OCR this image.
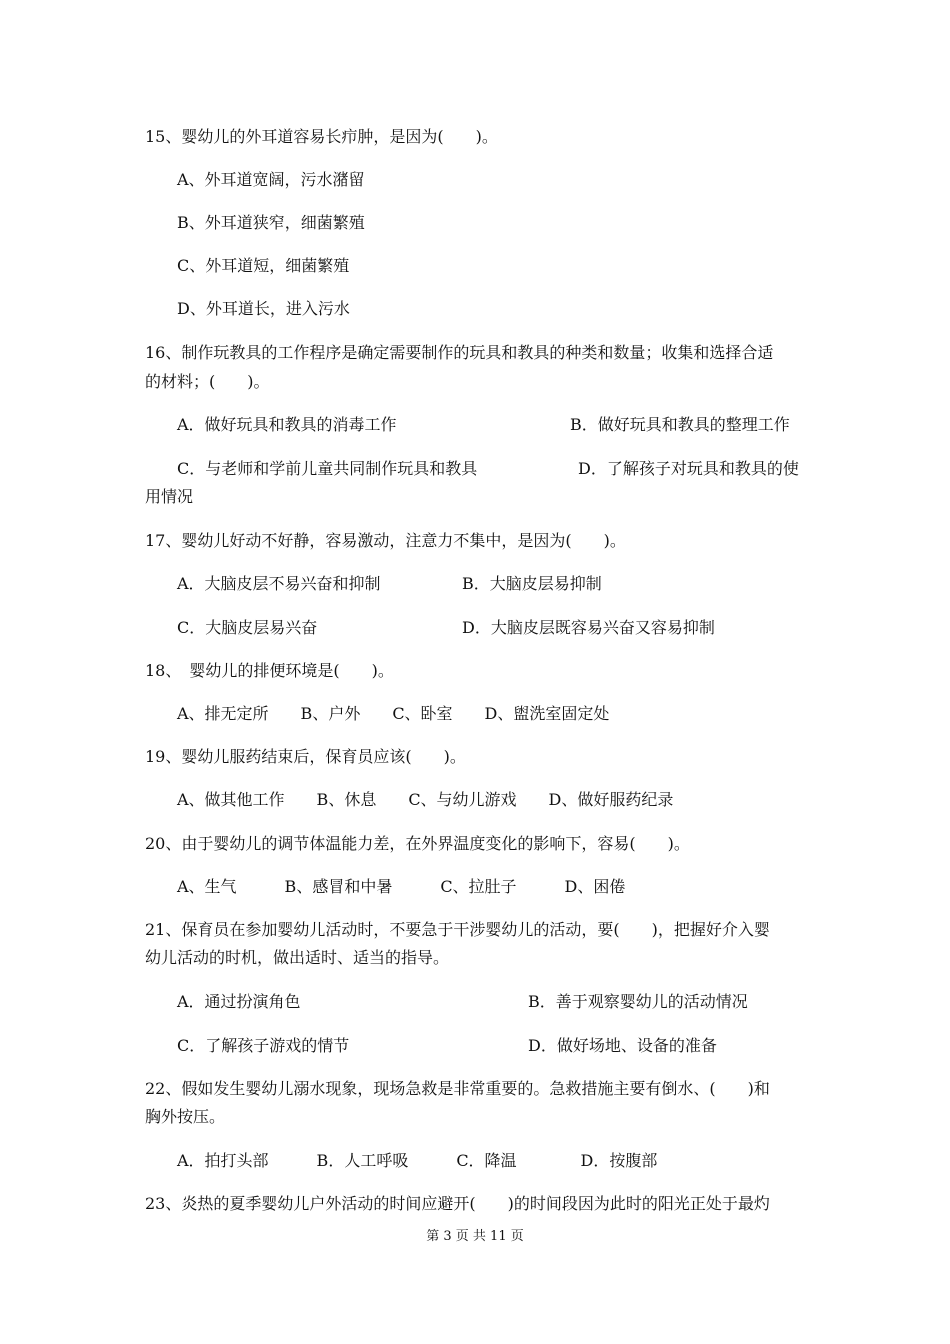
15、婴幼儿的外耳道容易长疖肿，是因为(　　)。
A、外耳道宽阔，污水潴留
B、外耳道狭窄，细菌繁殖
C、外耳道短，细菌繁殖
D、外耳道长，进入污水
16、制作玩教具的工作程序是确定需要制作的玩具和教具的种类和数量；收集和选择合适
的材料；(　　)。
A．做好玩具和教具的消毒工作	B．做好玩具和教具的整理工作
C．与老师和学前儿童共同制作玩具和教具	D．了解孩子对玩具和教具的使
用情况
17、婴幼儿好动不好静，容易激动，注意力不集中，是因为(　　)。
A．大脑皮层不易兴奋和抑制	B．大脑皮层易抑制
C．大脑皮层易兴奋	D．大脑皮层既容易兴奋又容易抑制
18、　婴幼儿的排便环境是(　　)。
A、排无定所　　B、户外　　C、卧室　　D、盥洗室固定处
19、婴幼儿服药结束后，保育员应该(　　)。
A、做其他工作　　B、休息　　C、与幼儿游戏　　D、做好服药纪录
20、由于婴幼儿的调节体温能力差，在外界温度变化的影响下，容易(　　)。
A、生气　　　B、感冒和中暑　　　C、拉肚子　　　D、困倦
21、保育员在参加婴幼儿活动时，不要急于干涉婴幼儿的活动，要(　　)，把握好介入婴
幼儿活动的时机，做出适时、适当的指导。
A．通过扮演角色	B．善于观察婴幼儿的活动情况
C．了解孩子游戏的情节	D．做好场地、设备的准备
22、假如发生婴幼儿溺水现象，现场急救是非常重要的。急救措施主要有倒水、(　　)和
胸外按压。
A．拍打头部　　　B．人工呼吸　　　C．降温　　　　D．按腹部
23、炎热的夏季婴幼儿户外活动的时间应避开(　　)的时间段因为此时的阳光正处于最灼
第 3 页 共 11 页
